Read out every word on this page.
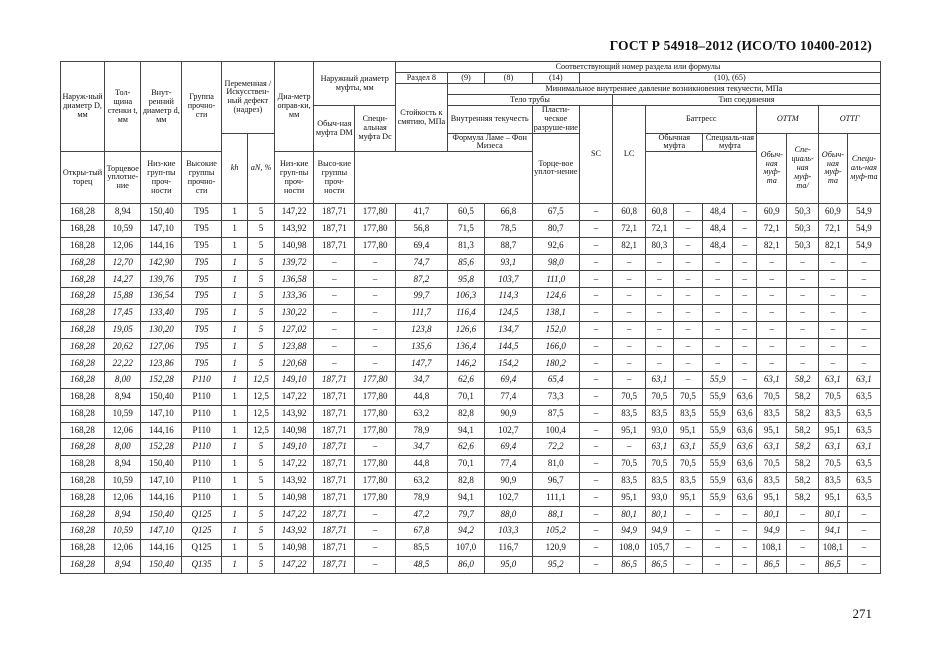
ГОСТ Р 54918–2012 (ИСО/ТО 10400-2012)
Наруж-ный диаметр D, мм	Тол-щина стенки t, мм	Внут-ренний диаметр d, мм	Группа прочно-сти	Переменная /Искусствен-ный дефект (надрез)		Диа-метр оправ-ки, мм	Наружный диаметр муфты, мм		Соответствующий номер раздела или формулы													
									Раздел 8	(9)	(8)	(14)	(10), (65)									
									Стойкость к смятию, МПа	Минимальное внутреннее давление возникновения текучести, МПа												
										Тело трубы				Тип соединения								
							Обыч-ная муфта DM	Специ-альная муфта Dc		Внутренняя текучесть		Пласти-ческое разруше-ние	SC	LC	Баттресс				ОТТМ		ОТТГ	
				kh	aN, %					Формула Ламе – Фон Мизеса		Торце-вое уплот-нение			Обычная муфта		Специаль-ная муфта		Обыч-ная муф-та	Спе-циаль-ная муф-та/	Обыч-ная муф-та	Специ-аль-ная муф-та
Откры-тый торец	Торцевое уплотне-ние	Низ-кие груп-пы проч-ности	Высокие группы прочно-сти			Низ-кие груп-пы проч-ности	Высо-кие группы проч-ности															
168,28	8,94	150,40	T95	1	5	147,22	187,71	177,80	41,7	60,5	66,8	67,5	–	60,8	60,8	–	48,4	–	60,9	50,3	60,9	54,9
168,28	10,59	147,10	T95	1	5	143,92	187,71	177,80	56,8	71,5	78,5	80,7	–	72,1	72,1	–	48,4	–	72,1	50,3	72,1	54,9
168,28	12,06	144,16	T95	1	5	140,98	187,71	177,80	69,4	81,3	88,7	92,6	–	82,1	80,3	–	48,4	–	82,1	50,3	82,1	54,9
168,28	12,70	142,90	T95	1	5	139,72	–	–	74,7	85,6	93,1	98,0	–	–	–	–	–	–	–	–	–	–
168,28	14,27	139,76	T95	1	5	136,58	–	–	87,2	95,8	103,7	111,0	–	–	–	–	–	–	–	–	–	–
168,28	15,88	136,54	T95	1	5	133,36	–	–	99,7	106,3	114,3	124,6	–	–	–	–	–	–	–	–	–	–
168,28	17,45	133,40	T95	1	5	130,22	–	–	111,7	116,4	124,5	138,1	–	–	–	–	–	–	–	–	–	–
168,28	19,05	130,20	T95	1	5	127,02	–	–	123,8	126,6	134,7	152,0	–	–	–	–	–	–	–	–	–	–
168,28	20,62	127,06	T95	1	5	123,88	–	–	135,6	136,4	144,5	166,0	–	–	–	–	–	–	–	–	–	–
168,28	22,22	123,86	T95	1	5	120,68	–	–	147,7	146,2	154,2	180,2	–	–	–	–	–	–	–	–	–	–
168,28	8,00	152,28	P110	1	12,5	149,10	187,71	177,80	34,7	62,6	69,4	65,4	–	–	63,1	–	55,9	–	63,1	58,2	63,1	63,1
168,28	8,94	150,40	P110	1	12,5	147,22	187,71	177,80	44,8	70,1	77,4	73,3	–	70,5	70,5	70,5	55,9	63,6	70,5	58,2	70,5	63,5
168,28	10,59	147,10	P110	1	12,5	143,92	187,71	177,80	63,2	82,8	90,9	87,5	–	83,5	83,5	83,5	55,9	63,6	83,5	58,2	83,5	63,5
168,28	12,06	144,16	P110	1	12,5	140,98	187,71	177,80	78,9	94,1	102,7	100,4	–	95,1	93,0	95,1	55,9	63,6	95,1	58,2	95,1	63,5
168,28	8,00	152,28	P110	1	5	149,10	187,71	–	34,7	62,6	69,4	72,2	–	–	63,1	63,1	55,9	63,6	63,1	58,2	63,1	63,1
168,28	8,94	150,40	P110	1	5	147,22	187,71	177,80	44,8	70,1	77,4	81,0	–	70,5	70,5	70,5	55,9	63,6	70,5	58,2	70,5	63,5
168,28	10,59	147,10	P110	1	5	143,92	187,71	177,80	63,2	82,8	90,9	96,7	–	83,5	83,5	83,5	55,9	63,6	83,5	58,2	83,5	63,5
168,28	12,06	144,16	P110	1	5	140,98	187,71	177,80	78,9	94,1	102,7	111,1	–	95,1	93,0	95,1	55,9	63,6	95,1	58,2	95,1	63,5
168,28	8,94	150,40	Q125	1	5	147,22	187,71	–	47,2	79,7	88,0	88,1	–	80,1	80,1	–	–	–	80,1	–	80,1	–
168,28	10,59	147,10	Q125	1	5	143,92	187,71	–	67,8	94,2	103,3	105,2	–	94,9	94,9	–	–	–	94,9	–	94,1	–
168,28	12,06	144,16	Q125	1	5	140,98	187,71	–	85,5	107,0	116,7	120,9	–	108,0	105,7	–	–	–	108,1	–	108,1	–
168,28	8,94	150,40	Q135	1	5	147,22	187,71	–	48,5	86,0	95,0	95,2	–	86,5	86,5	–	–	–	86,5	–	86,5	–
271
